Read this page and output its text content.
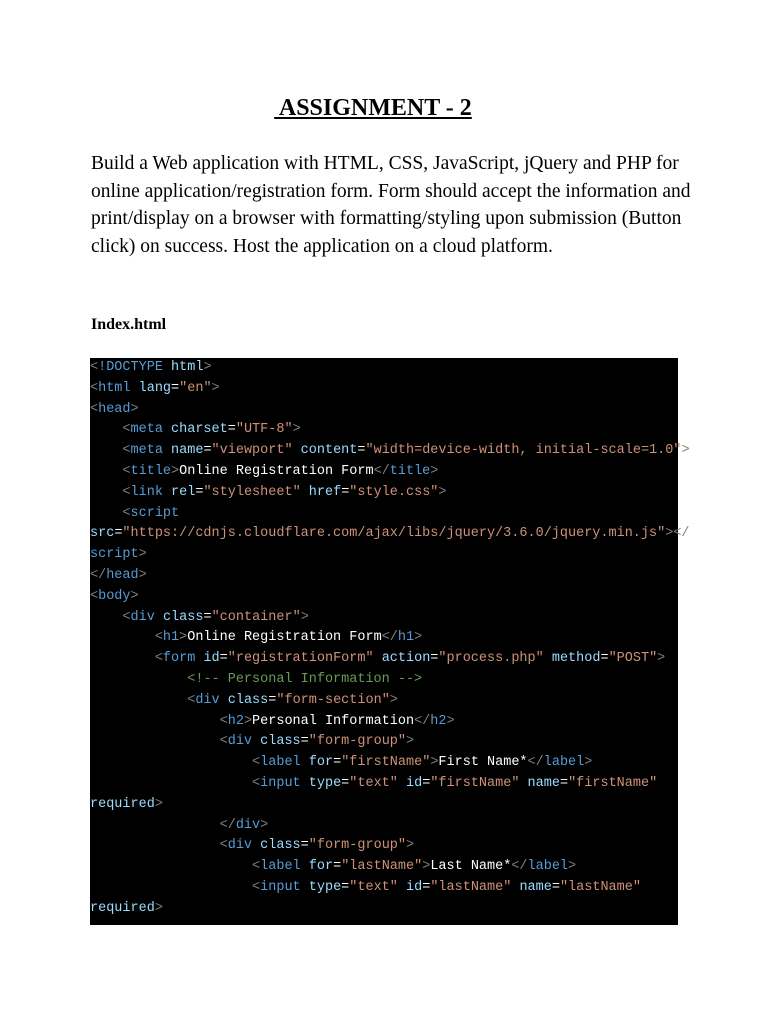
ASSIGNMENT - 2

Build a Web application with HTML, CSS, JavaScript, jQuery and PHP for online application/registration form. Form should accept the information and print/display on a browser with formatting/styling upon submission (Button click) on success. Host the application on a cloud platform.

Index.html
<!DOCTYPE html>
<html lang="en">
<head>
<meta charset="UTF-8">
<meta name="viewport" content="width=device-width, initial-scale=1.0">
<title>Online Registration Form</title>
<link rel="stylesheet" href="style.css">
<script
src="https://cdnjs.cloudflare.com/ajax/libs/jquery/3.6.0/jquery.min.js"></
script>
</head>
<body>
<div class="container">
<h1>Online Registration Form</h1>
<form id="registrationForm" action="process.php" method="POST">
<!-- Personal Information -->
<div class="form-section">
<h2>Personal Information</h2>
<div class="form-group">
<label for="firstName">First Name*</label>
<input type="text" id="firstName" name="firstName"
required>
</div>
<div class="form-group">
<label for="lastName">Last Name*</label>
<input type="text" id="lastName" name="lastName"
required>
